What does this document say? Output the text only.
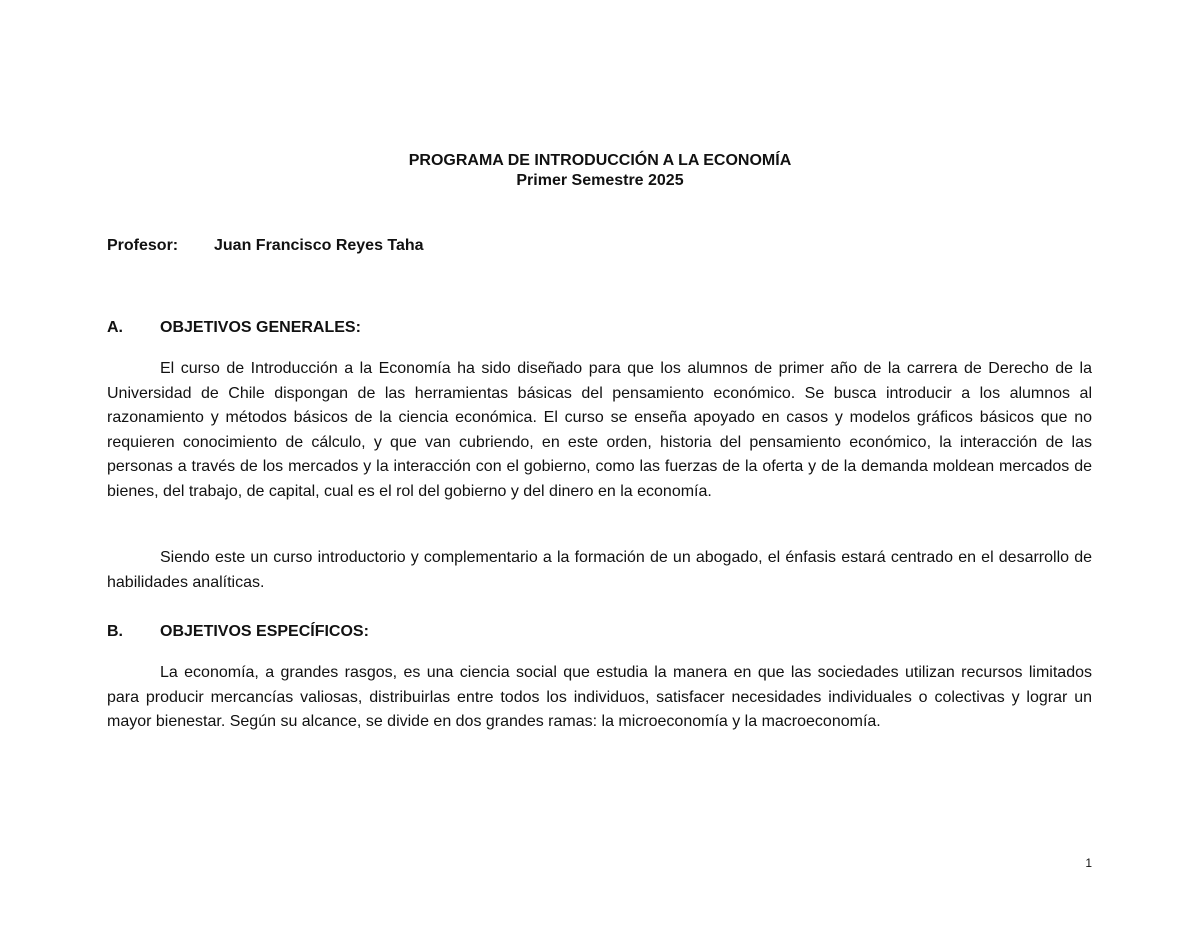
PROGRAMA DE INTRODUCCIÓN A LA ECONOMÍA
Primer Semestre 2025
Profesor: Juan Francisco Reyes Taha
A. OBJETIVOS GENERALES:

El curso de Introducción a la Economía ha sido diseñado para que los alumnos de primer año de la carrera de Derecho de la Universidad de Chile dispongan de las herramientas básicas del pensamiento económico. Se busca introducir a los alumnos al razonamiento y métodos básicos de la ciencia económica. El curso se enseña apoyado en casos y modelos gráficos básicos que no requieren conocimiento de cálculo, y que van cubriendo, en este orden, historia del pensamiento económico, la interacción de las personas a través de los mercados y la interacción con el gobierno, como las fuerzas de la oferta y de la demanda moldean mercados de bienes, del trabajo, de capital, cual es el rol del gobierno y del dinero en la economía.

Siendo este un curso introductorio y complementario a la formación de un abogado, el énfasis estará centrado en el desarrollo de habilidades analíticas.

B. OBJETIVOS ESPECÍFICOS:

La economía, a grandes rasgos, es una ciencia social que estudia la manera en que las sociedades utilizan recursos limitados para producir mercancías valiosas, distribuirlas entre todos los individuos, satisfacer necesidades individuales o colectivas y lograr un mayor bienestar. Según su alcance, se divide en dos grandes ramas: la microeconomía y la macroeconomía.

1
